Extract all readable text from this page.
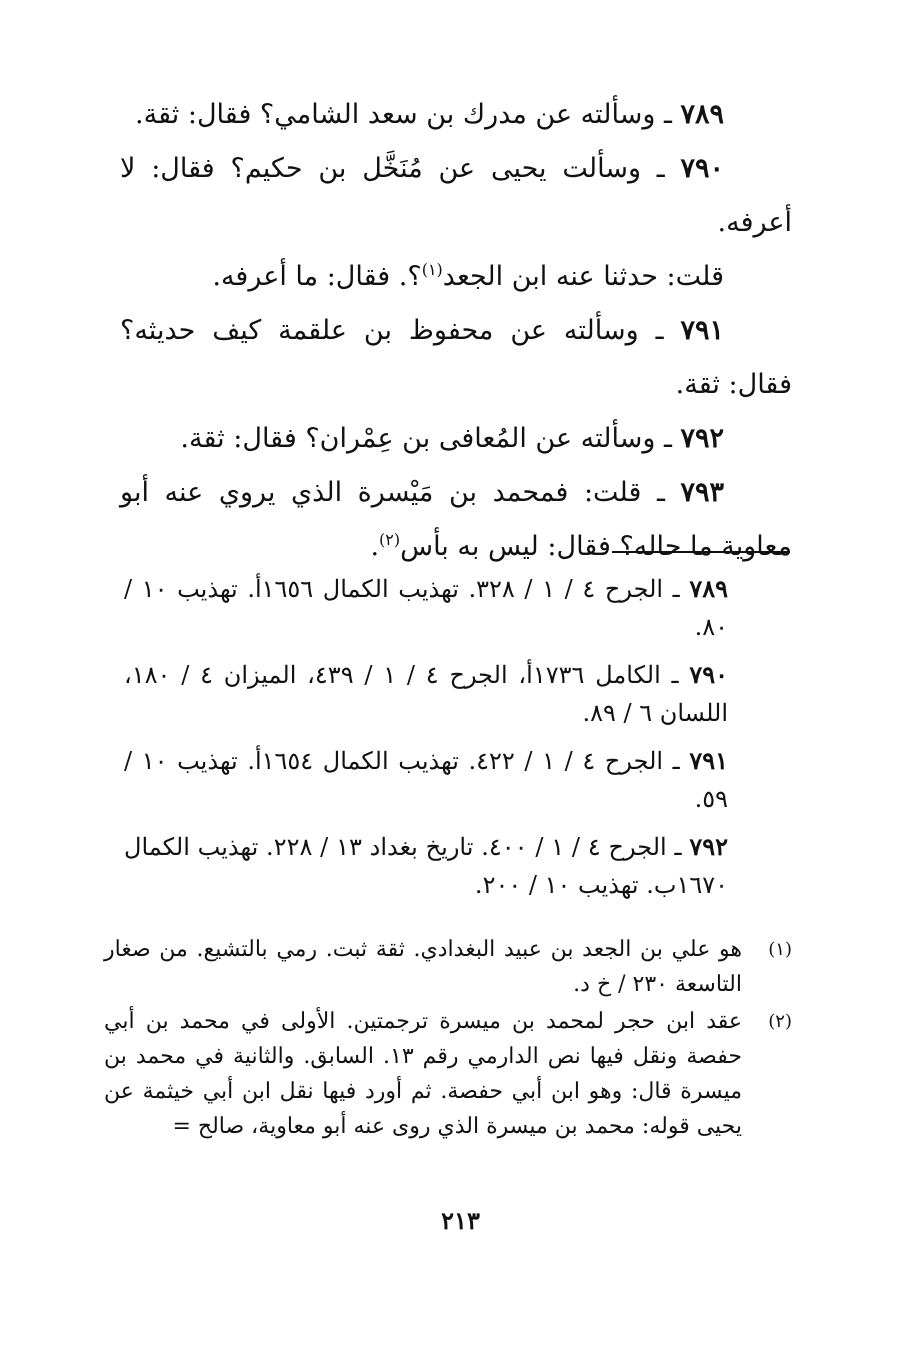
٧٨٩ ـ وسألته عن مدرك بن سعد الشامي؟ فقال: ثقة.

٧٩٠ ـ وسألت يحيى عن مُنَخَّل بن حكيم؟ فقال: لا أعرفه.

قلت: حدثنا عنه ابن الجعد$^{(١)}$؟. فقال: ما أعرفه.

٧٩١ ـ وسألته عن محفوظ بن علقمة كيف حديثه؟ فقال: ثقة.

٧٩٢ ـ وسألته عن المُعافى بن عِمْران؟ فقال: ثقة.

٧٩٣ ـ قلت: فمحمد بن مَيْسرة الذي يروي عنه أبو معاوية ما حاله؟ فقال: ليس به بأس$^{(٢)}$.

٧٨٩ ـ الجرح ٤ / ١ / ٣٢٨. تهذيب الكمال ١٦٥٦أ. تهذيب ١٠ / ٨٠.
٧٩٠ ـ الكامل ١٧٣٦أ، الجرح ٤ / ١ / ٤٣٩، الميزان ٤ / ١٨٠، اللسان ٦ / ٨٩.
٧٩١ ـ الجرح ٤ / ١ / ٤٢٢. تهذيب الكمال ١٦٥٤أ. تهذيب ١٠ / ٥٩.
٧٩٢ ـ الجرح ٤ / ١ / ٤٠٠. تاريخ بغداد ١٣ / ٢٢٨. تهذيب الكمال ١٦٧٠ب. تهذيب ١٠ / ٢٠٠.
(١)
هو علي بن الجعد بن عبيد البغدادي. ثقة ثبت. رمي بالتشيع. من صغار التاسعة ٢٣٠ / خ د.
(٢)
عقد ابن حجر لمحمد بن ميسرة ترجمتين. الأولى في محمد بن أبي حفصة ونقل فيها نص الدارمي رقم ١٣. السابق. والثانية في محمد بن ميسرة قال: وهو ابن أبي حفصة. ثم أورد فيها نقل ابن أبي خيثمة عن يحيى قوله: محمد بن ميسرة الذي روى عنه أبو معاوية، صالح =
٢١٣
